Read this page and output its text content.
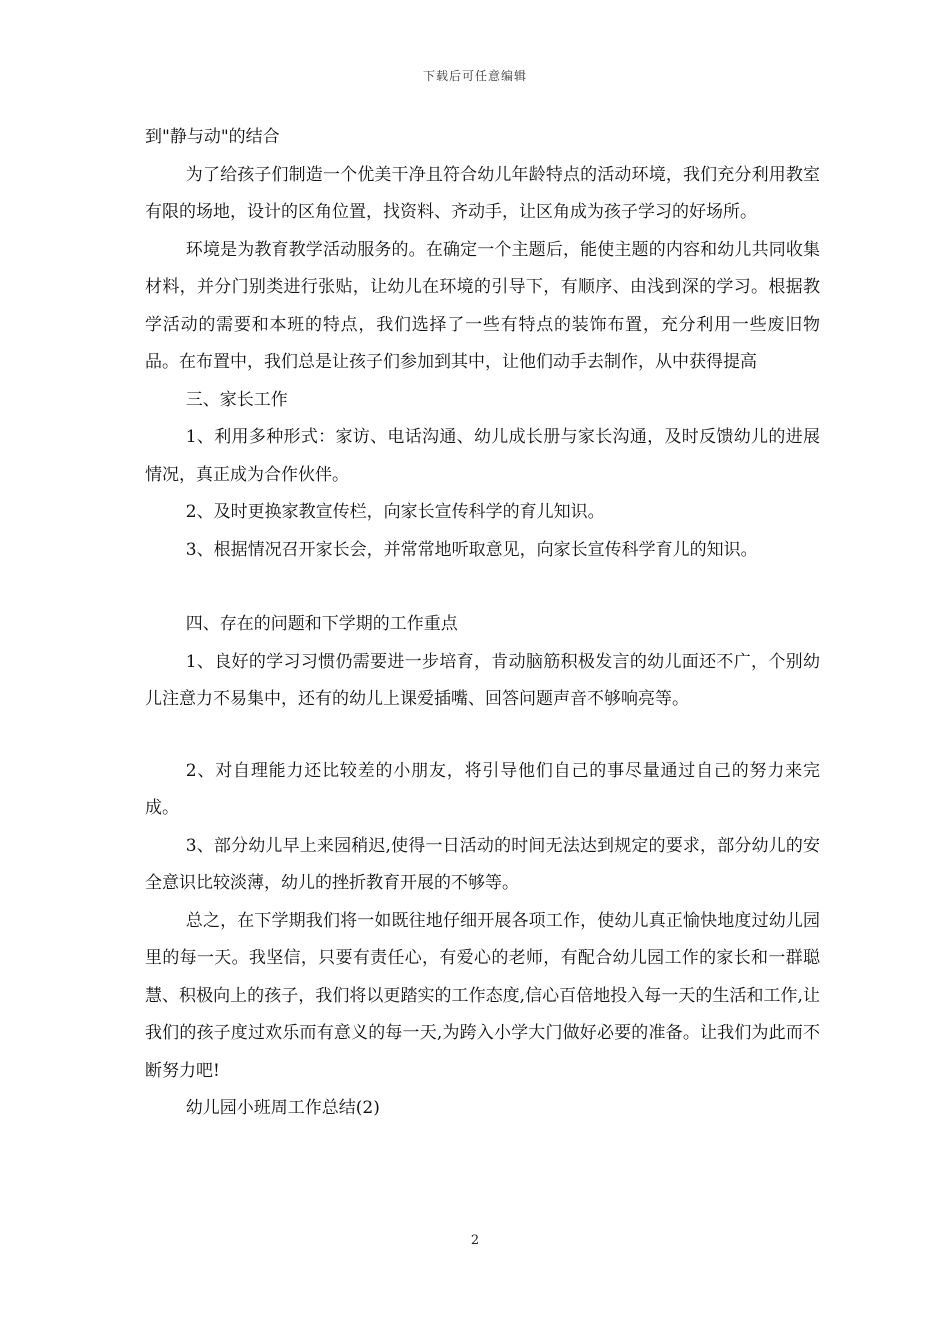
下载后可任意编辑

到"静与动"的结合

为了给孩子们制造一个优美干净且符合幼儿年龄特点的活动环境，我们充分利用教室有限的场地，设计的区角位置，找资料、齐动手，让区角成为孩子学习的好场所。

环境是为教育教学活动服务的。在确定一个主题后，能使主题的内容和幼儿共同收集材料，并分门别类进行张贴，让幼儿在环境的引导下，有顺序、由浅到深的学习。根据教学活动的需要和本班的特点，我们选择了一些有特点的装饰布置，充分利用一些废旧物品。在布置中，我们总是让孩子们参加到其中，让他们动手去制作，从中获得提高

三、家长工作

1、利用多种形式：家访、电话沟通、幼儿成长册与家长沟通，及时反馈幼儿的进展情况，真正成为合作伙伴。

2、及时更换家教宣传栏，向家长宣传科学的育儿知识。

3、根据情况召开家长会，并常常地听取意见，向家长宣传科学育儿的知识。

四、存在的问题和下学期的工作重点

1、良好的学习习惯仍需要进一步培育，肯动脑筋积极发言的幼儿面还不广，个别幼儿注意力不易集中，还有的幼儿上课爱插嘴、回答问题声音不够响亮等。

2、对自理能力还比较差的小朋友，将引导他们自己的事尽量通过自己的努力来完成。

3、部分幼儿早上来园稍迟,使得一日活动的时间无法达到规定的要求，部分幼儿的安全意识比较淡薄，幼儿的挫折教育开展的不够等。

总之，在下学期我们将一如既往地仔细开展各项工作，使幼儿真正愉快地度过幼儿园里的每一天。我坚信，只要有责任心，有爱心的老师，有配合幼儿园工作的家长和一群聪慧、积极向上的孩子，我们将以更踏实的工作态度,信心百倍地投入每一天的生活和工作,让我们的孩子度过欢乐而有意义的每一天,为跨入小学大门做好必要的准备。让我们为此而不断努力吧!

幼儿园小班周工作总结(2)

2
